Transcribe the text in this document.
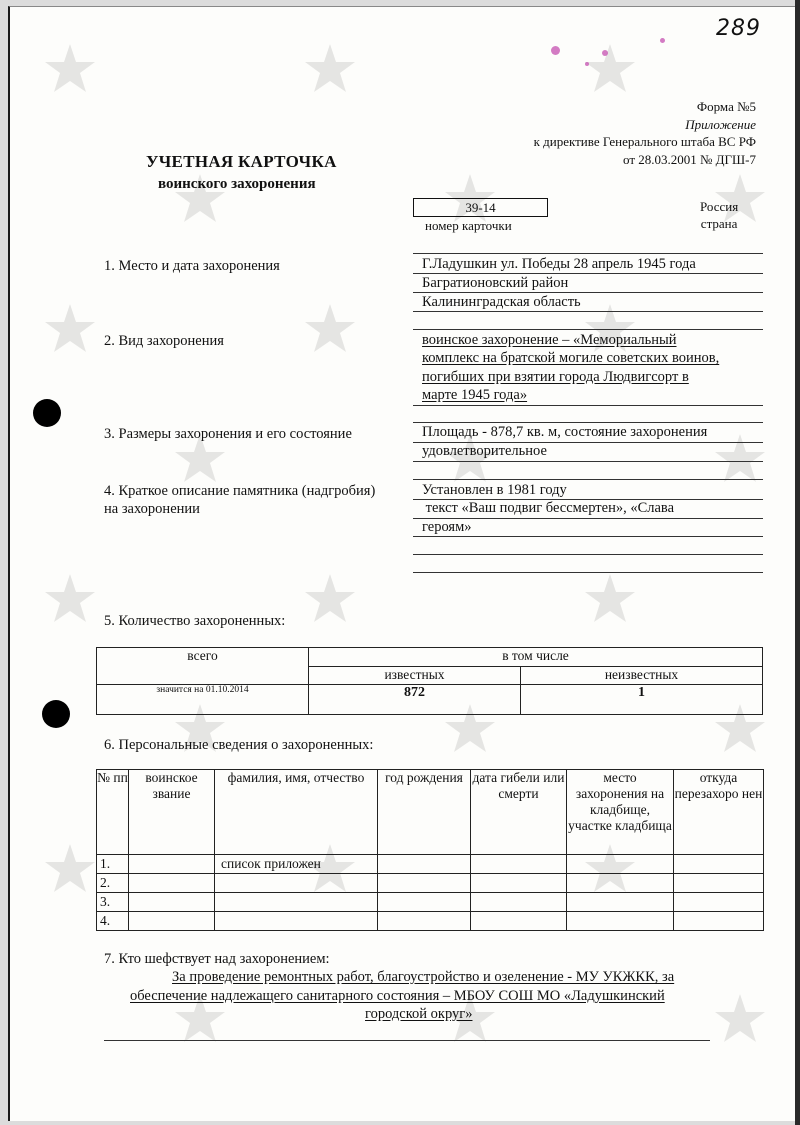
289
Форма №5
Приложение
к директиве Генерального штаба ВС РФ
от 28.03.2001 № ДГШ-7
УЧЕТНАЯ КАРТОЧКА
воинского захоронения
39-14
номер карточки
Россия
страна
1. Место и дата захоронения	Г.Ладушкин ул. Победы 28 апрель 1945 года
Багратионовский район
Калининградская область
2. Вид захоронения	воинское захоронение – «Мемориальный
комплекс на братской могиле советских воинов,
погибших при взятии города Людвигсорт в
марте 1945 года»
3. Размеры захоронения и его состояние	Площадь - 878,7 кв. м, состояние захоронения
удовлетворительное
4. Краткое описание памятника (надгробия)
на захоронении
Установлен в 1981 году
текст «Ваш подвиг бессмертен», «Слава
героям»
5. Количество захороненных:
всего	в том числе	
	известных	неизвестных
значится на 01.10.2014	872	1
6. Персональные сведения о захороненных:
№ пп	воинское звание	фамилия, имя, отчество	год рождения	дата гибели или смерти	место захоронения на кладбище, участке кладбища	откуда перезахоро нен
1.		список приложен				
2.						
3.						
4.						
7. Кто шефствует над захоронением:
За проведение ремонтных работ, благоустройство и озеленение - МУ УКЖКК, за
обеспечение надлежащего санитарного состояния – МБОУ СОШ МО «Ладушкинский
городской округ»
